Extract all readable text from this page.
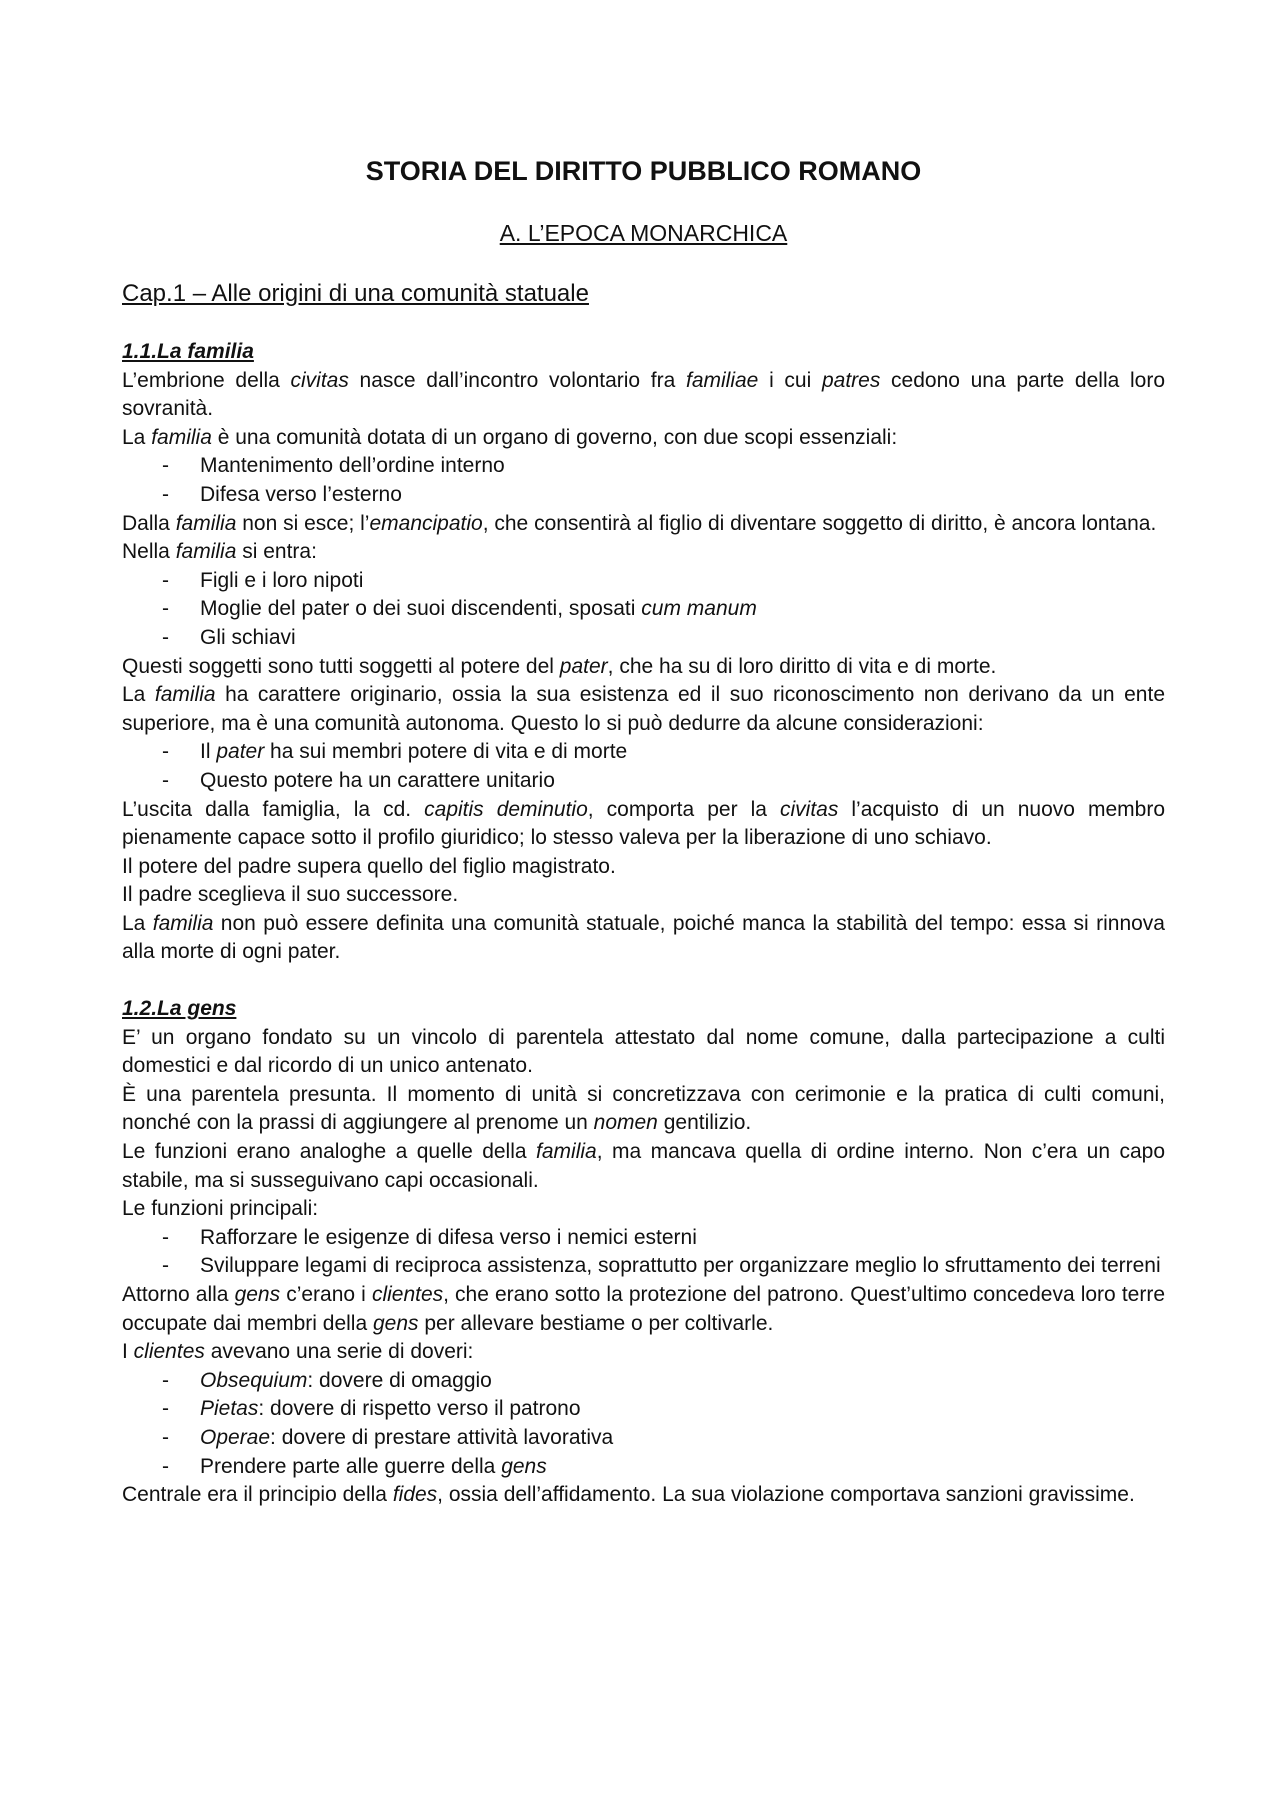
STORIA DEL DIRITTO PUBBLICO ROMANO
A. L’EPOCA MONARCHICA
Cap.1 – Alle origini di una comunità statuale
1.1.La familia

L’embrione della civitas nasce dall’incontro volontario fra familiae i cui patres cedono una parte della loro sovranità.

La familia è una comunità dotata di un organo di governo, con due scopi essenziali:

- Mantenimento dell’ordine interno
- Difesa verso l’esterno

Dalla familia non si esce; l’emancipatio, che consentirà al figlio di diventare soggetto di diritto, è ancora lontana.

Nella familia si entra:

- Figli e i loro nipoti
- Moglie del pater o dei suoi discendenti, sposati cum manum
- Gli schiavi

Questi soggetti sono tutti soggetti al potere del pater, che ha su di loro diritto di vita e di morte.

La familia ha carattere originario, ossia la sua esistenza ed il suo riconoscimento non derivano da un ente superiore, ma è una comunità autonoma. Questo lo si può dedurre da alcune considerazioni:

- Il pater ha sui membri potere di vita e di morte
- Questo potere ha un carattere unitario

L’uscita dalla famiglia, la cd. capitis deminutio, comporta per la civitas l’acquisto di un nuovo membro pienamente capace sotto il profilo giuridico; lo stesso valeva per la liberazione di uno schiavo.

Il potere del padre supera quello del figlio magistrato.

Il padre sceglieva il suo successore.

La familia non può essere definita una comunità statuale, poiché manca la stabilità del tempo: essa si rinnova alla morte di ogni pater.

1.2.La gens

E’ un organo fondato su un vincolo di parentela attestato dal nome comune, dalla partecipazione a culti domestici e dal ricordo di un unico antenato.

È una parentela presunta. Il momento di unità si concretizzava con cerimonie e la pratica di culti comuni, nonché con la prassi di aggiungere al prenome un nomen gentilizio.

Le funzioni erano analoghe a quelle della familia, ma mancava quella di ordine interno. Non c’era un capo stabile, ma si susseguivano capi occasionali.

Le funzioni principali:

- Rafforzare le esigenze di difesa verso i nemici esterni
- Sviluppare legami di reciproca assistenza, soprattutto per organizzare meglio lo sfruttamento dei terreni

Attorno alla gens c’erano i clientes, che erano sotto la protezione del patrono. Quest’ultimo concedeva loro terre occupate dai membri della gens per allevare bestiame o per coltivarle.

I clientes avevano una serie di doveri:

- Obsequium: dovere di omaggio
- Pietas: dovere di rispetto verso il patrono
- Operae: dovere di prestare attività lavorativa
- Prendere parte alle guerre della gens

Centrale era il principio della fides, ossia dell’affidamento. La sua violazione comportava sanzioni gravissime.
